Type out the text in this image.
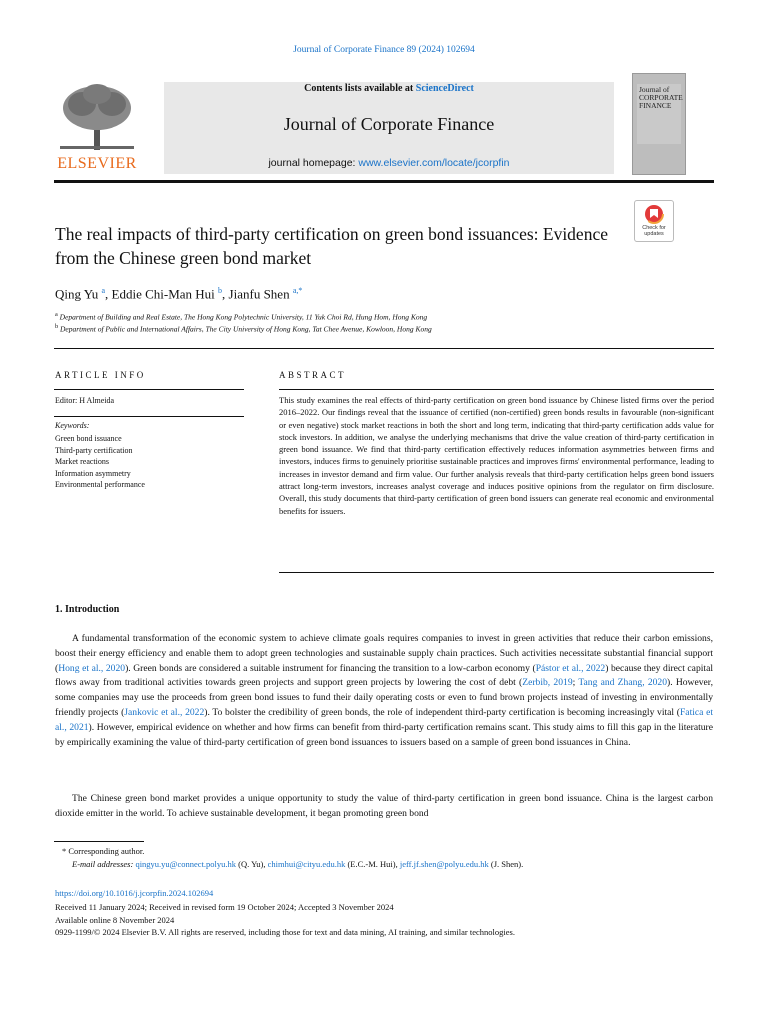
Journal of Corporate Finance 89 (2024) 102694
ELSEVIER
Contents lists available at ScienceDirect
Journal of Corporate Finance
journal homepage: www.elsevier.com/locate/jcorpfin
Journal of CORPORATE FINANCE
Check for updates
The real impacts of third-party certification on green bond issuances: Evidence from the Chinese green bond market
Qing Yu $^a$, Eddie Chi-Man Hui $^b$, Jianfu Shen $^{a,*}$
$^a$ Department of Building and Real Estate, The Hong Kong Polytechnic University, 11 Yuk Choi Rd, Hung Hom, Hong Kong
$^b$ Department of Public and International Affairs, The City University of Hong Kong, Tat Chee Avenue, Kowloon, Hong Kong
ARTICLE INFO
Editor: H Almeida
Keywords:
Green bond issuance
Third-party certification
Market reactions
Information asymmetry
Environmental performance
ABSTRACT
This study examines the real effects of third-party certification on green bond issuance by Chinese listed firms over the period 2016–2022. Our findings reveal that the issuance of certified (non-certified) green bonds results in favourable (non-significant or even negative) stock market reactions in both the short and long term, indicating that third-party certification adds value for stock investors. In addition, we analyse the underlying mechanisms that drive the value creation of third-party certification in green bond issuance. We find that third-party certification effectively reduces information asymmetries between firms and investors, induces firms to genuinely prioritise sustainable practices and improves firms' environmental performance, leading to increases in investor demand and firm value. Our further analysis reveals that third-party certification helps green bond issuers attract long-term investors, increases analyst coverage and induces positive opinions from the regulator on firm disclosure. Overall, this study documents that third-party certification of green bond issuers can generate real economic and environmental benefits for issuers.
1. Introduction
A fundamental transformation of the economic system to achieve climate goals requires companies to invest in green activities that reduce their carbon emissions, boost their energy efficiency and enable them to adopt green technologies and sustainable supply chain practices. Such activities necessitate substantial financial support (Hong et al., 2020). Green bonds are considered a suitable instrument for financing the transition to a low-carbon economy (Pástor et al., 2022) because they direct capital flows away from traditional activities towards green projects and support green projects by lowering the cost of debt (Zerbib, 2019; Tang and Zhang, 2020). However, some companies may use the proceeds from green bond issues to fund their daily operating costs or even to fund brown projects instead of investing in environmentally friendly projects (Jankovic et al., 2022). To bolster the credibility of green bonds, the role of independent third-party certification is becoming increasingly vital (Fatica et al., 2021). However, empirical evidence on whether and how firms can benefit from third-party certification remains scant. This study aims to fill this gap in the literature by empirically examining the value of third-party certification of green bond issuances to issuers based on a sample of green bond issuances in China.
The Chinese green bond market provides a unique opportunity to study the value of third-party certification in green bond issuance. China is the largest carbon dioxide emitter in the world. To achieve sustainable development, it began promoting green bond
* Corresponding author.
E-mail addresses: qingyu.yu@connect.polyu.hk (Q. Yu), chimhui@cityu.edu.hk (E.C.-M. Hui), jeff.jf.shen@polyu.edu.hk (J. Shen).
https://doi.org/10.1016/j.jcorpfin.2024.102694
Received 11 January 2024; Received in revised form 19 October 2024; Accepted 3 November 2024
Available online 8 November 2024
0929-1199/© 2024 Elsevier B.V. All rights are reserved, including those for text and data mining, AI training, and similar technologies.
